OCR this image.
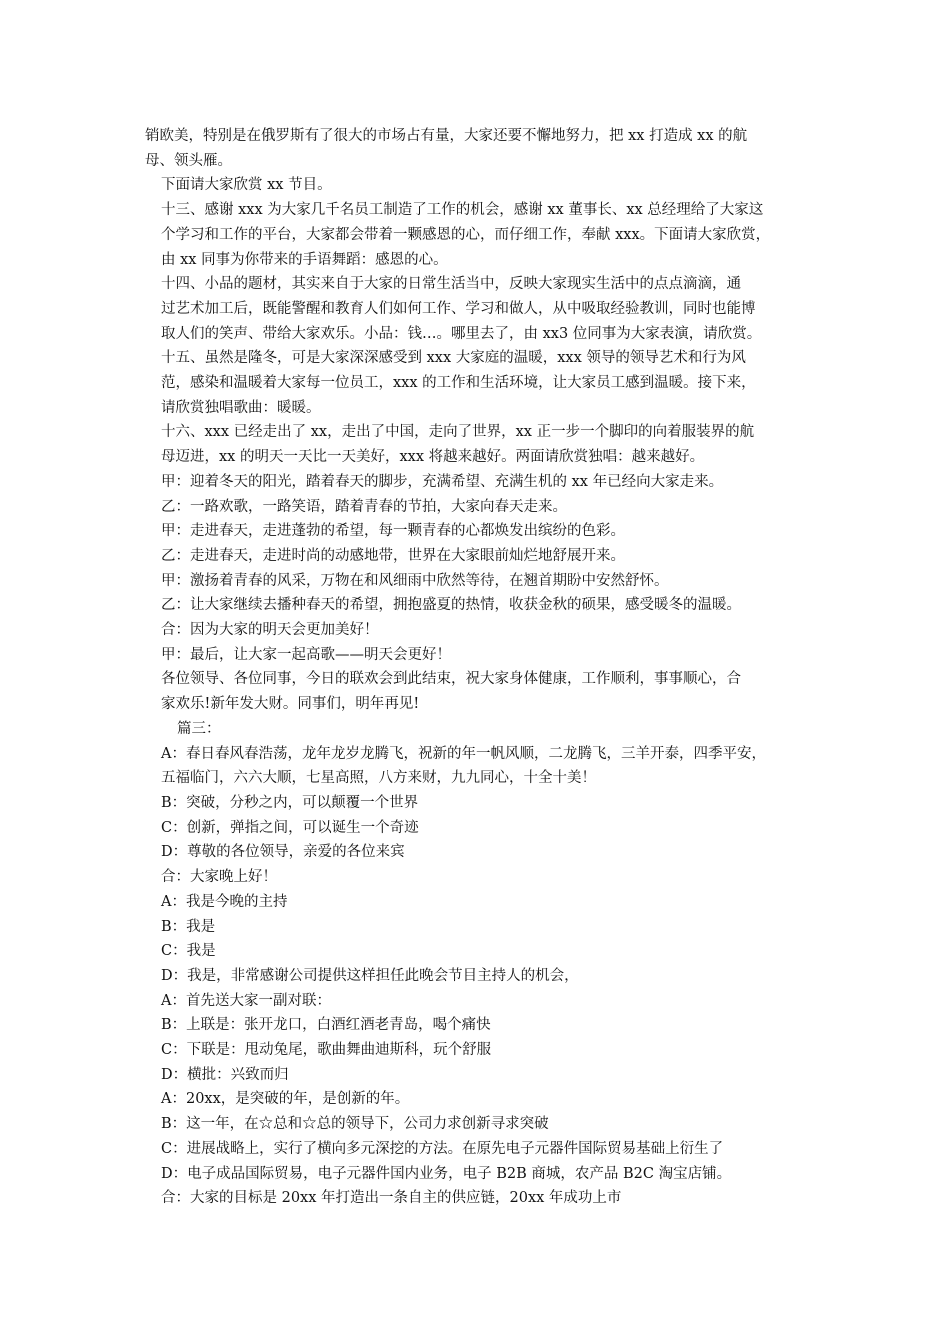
销欧美，特别是在俄罗斯有了很大的市场占有量，大家还要不懈地努力，把 xx 打造成 xx 的航
母、领头雁。

下面请大家欣赏 xx 节目。

十三、感谢 xxx 为大家几千名员工制造了工作的机会，感谢 xx 董事长、xx 总经理给了大家这
个学习和工作的平台，大家都会带着一颗感恩的心，而仔细工作，奉献 xxx。下面请大家欣赏，
由 xx 同事为你带来的手语舞蹈：感恩的心。

十四、小品的题材，其实来自于大家的日常生活当中，反映大家现实生活中的点点滴滴，通
过艺术加工后，既能警醒和教育人们如何工作、学习和做人，从中吸取经验教训，同时也能博
取人们的笑声、带给大家欢乐。小品：钱…。哪里去了，由 xx3 位同事为大家表演，请欣赏。

十五、虽然是隆冬，可是大家深深感受到 xxx 大家庭的温暖，xxx 领导的领导艺术和行为风
范，感染和温暖着大家每一位员工，xxx 的工作和生活环境，让大家员工感到温暖。接下来，
请欣赏独唱歌曲：暖暖。

十六、xxx 已经走出了 xx，走出了中国，走向了世界，xx 正一步一个脚印的向着服装界的航
母迈进，xx 的明天一天比一天美好，xxx 将越来越好。两面请欣赏独唱：越来越好。

甲：迎着冬天的阳光，踏着春天的脚步，充满希望、充满生机的 xx 年已经向大家走来。

乙：一路欢歌，一路笑语，踏着青春的节拍，大家向春天走来。

甲：走进春天，走进蓬勃的希望，每一颗青春的心都焕发出缤纷的色彩。

乙：走进春天，走进时尚的动感地带，世界在大家眼前灿烂地舒展开来。

甲：激扬着青春的风采，万物在和风细雨中欣然等待，在翘首期盼中安然舒怀。

乙：让大家继续去播种春天的希望，拥抱盛夏的热情，收获金秋的硕果，感受暖冬的温暖。

合：因为大家的明天会更加美好！

甲：最后，让大家一起高歌——明天会更好！

各位领导、各位同事，今日的联欢会到此结束，祝大家身体健康，工作顺利，事事顺心，合
家欢乐!新年发大财。同事们，明年再见!

篇三：

A：春日春风春浩荡，龙年龙岁龙腾飞，祝新的年一帆风顺，二龙腾飞，三羊开泰，四季平安，
五福临门，六六大顺，七星高照，八方来财，九九同心，十全十美！

B：突破，分秒之内，可以颠覆一个世界

C：创新，弹指之间，可以诞生一个奇迹

D：尊敬的各位领导，亲爱的各位来宾

合：大家晚上好！

A：我是今晚的主持

B：我是

C：我是

D：我是，非常感谢公司提供这样担任此晚会节目主持人的机会，

A：首先送大家一副对联：

B：上联是：张开龙口，白酒红酒老青岛，喝个痛快

C：下联是：甩动兔尾，歌曲舞曲迪斯科，玩个舒服

D：横批：兴致而归

A：20xx，是突破的年，是创新的年。

B：这一年，在☆总和☆总的领导下，公司力求创新寻求突破

C：进展战略上，实行了横向多元深挖的方法。在原先电子元器件国际贸易基础上衍生了

D：电子成品国际贸易，电子元器件国内业务，电子 B2B 商城，农产品 B2C 淘宝店铺。

合：大家的目标是 20xx 年打造出一条自主的供应链，20xx 年成功上市
